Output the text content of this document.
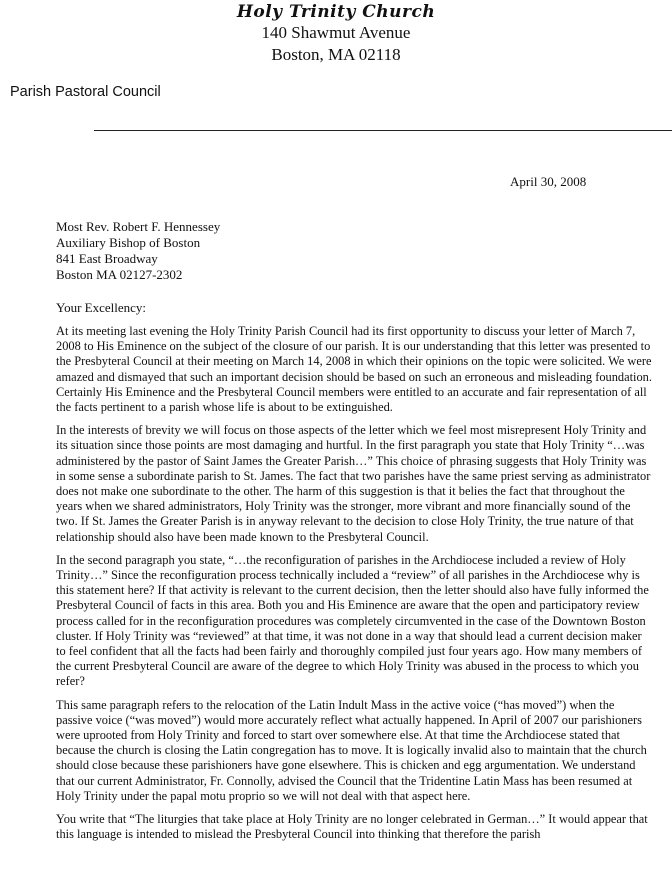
Holy Trinity Church
140 Shawmut Avenue
Boston, MA 02118
Parish Pastoral Council
April 30, 2008
Most Rev. Robert F. Hennessey
Auxiliary Bishop of Boston
841 East Broadway
Boston MA 02127-2302
Your Excellency:

At its meeting last evening the Holy Trinity Parish Council had its first opportunity to discuss your letter of March 7, 2008 to His Eminence on the subject of the closure of our parish. It is our understanding that this letter was presented to the Presbyteral Council at their meeting on March 14, 2008 in which their opinions on the topic were solicited. We were amazed and dismayed that such an important decision should be based on such an erroneous and misleading foundation. Certainly His Eminence and the Presbyteral Council members were entitled to an accurate and fair representation of all the facts pertinent to a parish whose life is about to be extinguished.

In the interests of brevity we will focus on those aspects of the letter which we feel most misrepresent Holy Trinity and its situation since those points are most damaging and hurtful. In the first paragraph you state that Holy Trinity “…was administered by the pastor of Saint James the Greater Parish…” This choice of phrasing suggests that Holy Trinity was in some sense a subordinate parish to St. James. The fact that two parishes have the same priest serving as administrator does not make one subordinate to the other. The harm of this suggestion is that it belies the fact that throughout the years when we shared administrators, Holy Trinity was the stronger, more vibrant and more financially sound of the two. If St. James the Greater Parish is in anyway relevant to the decision to close Holy Trinity, the true nature of that relationship should also have been made known to the Presbyteral Council.

In the second paragraph you state, “…the reconfiguration of parishes in the Archdiocese included a review of Holy Trinity…” Since the reconfiguration process technically included a “review” of all parishes in the Archdiocese why is this statement here? If that activity is relevant to the current decision, then the letter should also have fully informed the Presbyteral Council of facts in this area. Both you and His Eminence are aware that the open and participatory review process called for in the reconfiguration procedures was completely circumvented in the case of the Downtown Boston cluster. If Holy Trinity was “reviewed” at that time, it was not done in a way that should lead a current decision maker to feel confident that all the facts had been fairly and thoroughly compiled just four years ago. How many members of the current Presbyteral Council are aware of the degree to which Holy Trinity was abused in the process to which you refer?

This same paragraph refers to the relocation of the Latin Indult Mass in the active voice (“has moved”) when the passive voice (“was moved”) would more accurately reflect what actually happened. In April of 2007 our parishioners were uprooted from Holy Trinity and forced to start over somewhere else. At that time the Archdiocese stated that because the church is closing the Latin congregation has to move. It is logically invalid also to maintain that the church should close because these parishioners have gone elsewhere. This is chicken and egg argumentation. We understand that our current Administrator, Fr. Connolly, advised the Council that the Tridentine Latin Mass has been resumed at Holy Trinity under the papal motu proprio so we will not deal with that aspect here.

You write that “The liturgies that take place at Holy Trinity are no longer celebrated in German…” It would appear that this language is intended to mislead the Presbyteral Council into thinking that therefore the parish
